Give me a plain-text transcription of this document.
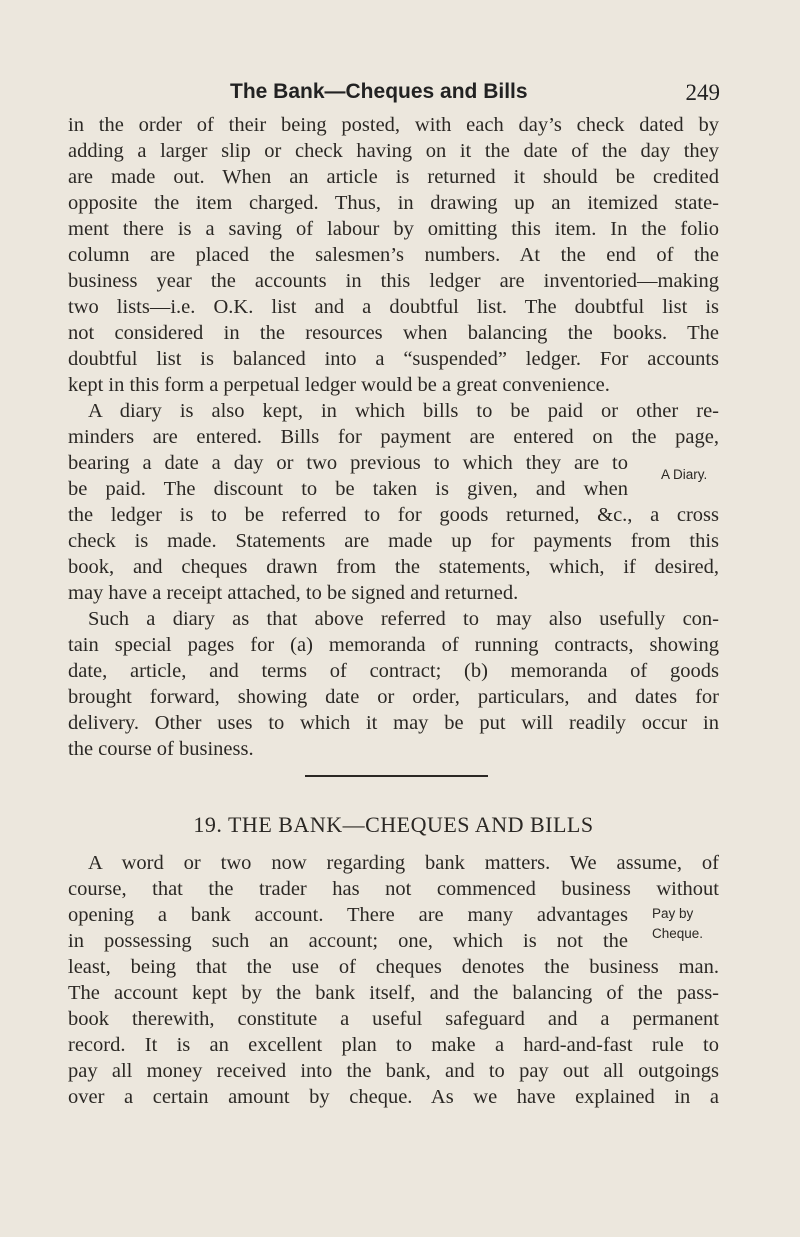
The Bank—Cheques and Bills	249
in the order of their being posted, with each day’s check dated by
adding a larger slip or check having on it the date of the day they
are made out. When an article is returned it should be credited
opposite the item charged. Thus, in drawing up an itemized state-
ment there is a saving of labour by omitting this item. In the folio
column are placed the salesmen’s numbers. At the end of the
business year the accounts in this ledger are inventoried—making
two lists—i.e. O.K. list and a doubtful list. The doubtful list is
not considered in the resources when balancing the books. The
doubtful list is balanced into a “suspended” ledger. For accounts
kept in this form a perpetual ledger would be a great convenience.
A diary is also kept, in which bills to be paid or other re-
minders are entered. Bills for payment are entered on the page,
bearing a date a day or two previous to which they are to
be paid. The discount to be taken is given, and when
the ledger is to be referred to for goods returned, &c., a cross
check is made. Statements are made up for payments from this
book, and cheques drawn from the statements, which, if desired,
may have a receipt attached, to be signed and returned.
A Diary.
Such a diary as that above referred to may also usefully con-
tain special pages for (a) memoranda of running contracts, showing
date, article, and terms of contract; (b) memoranda of goods
brought forward, showing date or order, particulars, and dates for
delivery. Other uses to which it may be put will readily occur in
the course of business.
19. THE BANK—CHEQUES AND BILLS
A word or two now regarding bank matters. We assume, of
course, that the trader has not commenced business without
opening a bank account. There are many advantages
in possessing such an account; one, which is not the
least, being that the use of cheques denotes the business man.
The account kept by the bank itself, and the balancing of the pass-
book therewith, constitute a useful safeguard and a permanent
record. It is an excellent plan to make a hard-and-fast rule to
pay all money received into the bank, and to pay out all outgoings
over a certain amount by cheque. As we have explained in a
Pay by
Cheque.
